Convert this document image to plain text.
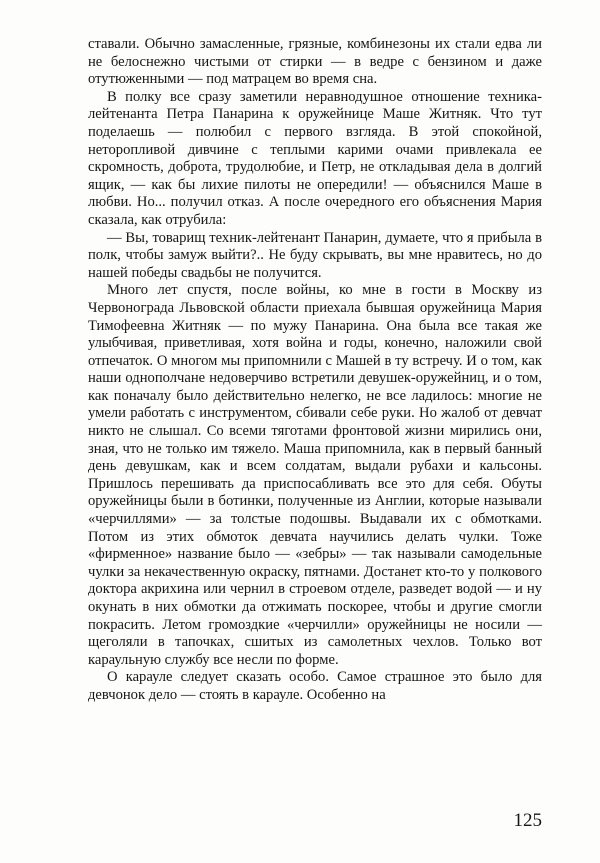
ставали. Обычно замасленные, грязные, комбинезоны их стали едва ли не белоснежно чистыми от стирки — в ведре с бензином и даже отутюженными — под матрацем во время сна.

В полку все сразу заметили неравнодушное отношение техника-лейтенанта Петра Панарина к оружейнице Маше Житняк. Что тут поделаешь — полюбил с первого взгляда. В этой спокойной, неторопливой дивчине с теплыми карими очами привлекала ее скромность, доброта, трудолюбие, и Петр, не откладывая дела в долгий ящик, — как бы лихие пилоты не опередили! — объяснился Маше в любви. Но... получил отказ. А после очередного его объяснения Мария сказала, как отрубила:

— Вы, товарищ техник-лейтенант Панарин, думаете, что я прибыла в полк, чтобы замуж выйти?.. Не буду скрывать, вы мне нравитесь, но до нашей победы свадьбы не получится.

Много лет спустя, после войны, ко мне в гости в Москву из Червонограда Львовской области приехала бывшая оружейница Мария Тимофеевна Житняк — по мужу Панарина. Она была все такая же улыбчивая, приветливая, хотя война и годы, конечно, наложили свой отпечаток. О многом мы припомнили с Машей в ту встречу. И о том, как наши однополчане недоверчиво встретили девушек-оружейниц, и о том, как поначалу было действительно нелегко, не все ладилось: многие не умели работать с инструментом, сбивали себе руки. Но жалоб от девчат никто не слышал. Со всеми тяготами фронтовой жизни мирились они, зная, что не только им тяжело. Маша припомнила, как в первый банный день девушкам, как и всем солдатам, выдали рубахи и кальсоны. Пришлось перешивать да приспосабливать все это для себя. Обуты оружейницы были в ботинки, полученные из Англии, которые называли «черчиллями» — за толстые подошвы. Выдавали их с обмотками. Потом из этих обмоток девчата научились делать чулки. Тоже «фирменное» название было — «зебры» — так называли самодельные чулки за некачественную окраску, пятнами. Достанет кто-то у полкового доктора акрихина или чернил в строевом отделе, разведет водой — и ну окунать в них обмотки да отжимать поскорее, чтобы и другие смогли покрасить. Летом громоздкие «черчилли» оружейницы не носили — щеголяли в тапочках, сшитых из самолетных чехлов. Только вот караульную службу все несли по форме.

О карауле следует сказать особо. Самое страшное это было для девчонок дело — стоять в карауле. Особенно на

125
